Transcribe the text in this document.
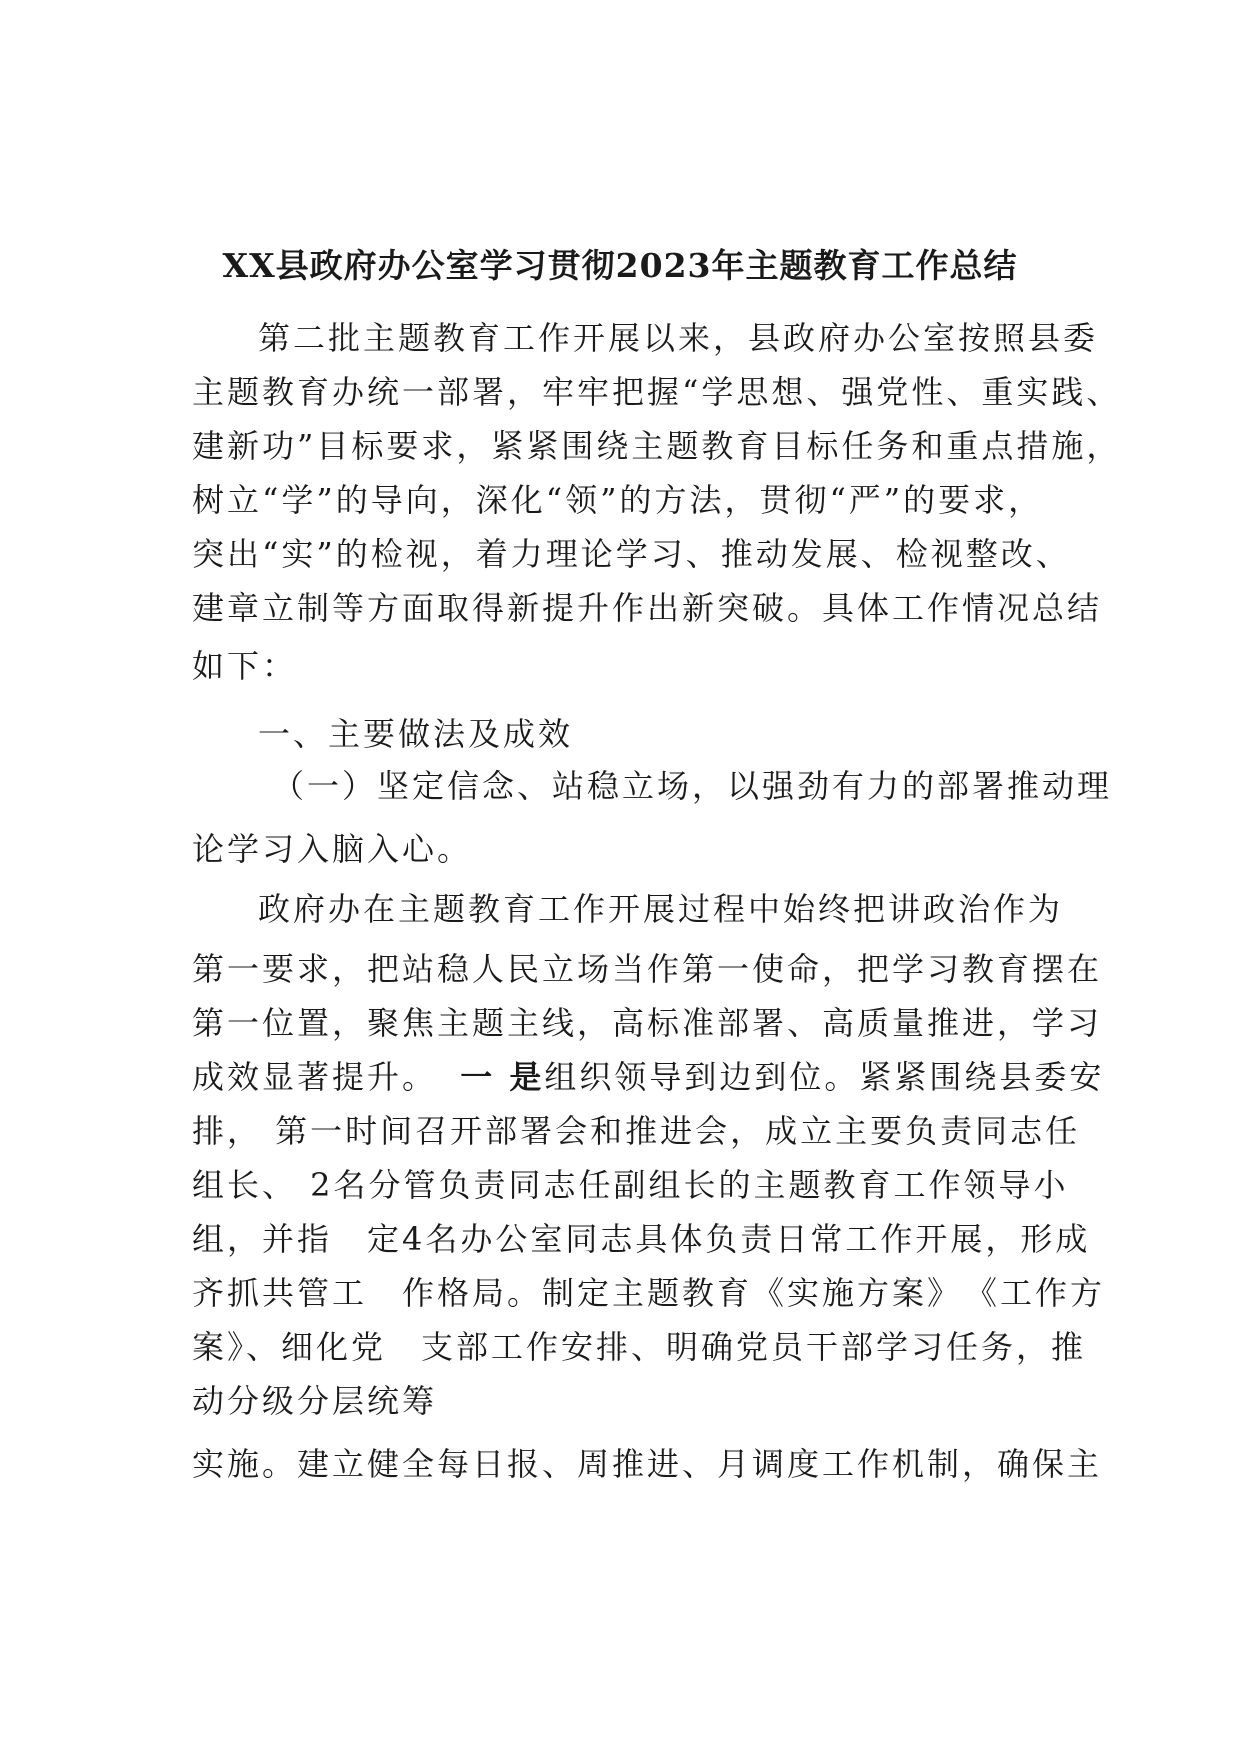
XX县政府办公室学习贯彻2023年主题教育工作总结
第二批主题教育工作开展以来，县政府办公室按照县委
主题教育办统一部署，牢牢把握“学思想、强党性、重实践、
建新功”目标要求，紧紧围绕主题教育目标任务和重点措施，
树立“学”的导向，深化“领”的方法，贯彻“严”的要求，
突出“实”的检视，着力理论学习、推动发展、检视整改、
建章立制等方面取得新提升作出新突破。具体工作情况总结
如下：
一、主要做法及成效
（一）坚定信念、站稳立场，以强劲有力的部署推动理
论学习入脑入心。
政府办在主题教育工作开展过程中始终把讲政治作为
第一要求，把站稳人民立场当作第一使命，把学习教育摆在
第一位置，聚焦主题主线，高标准部署、高质量推进，学习
成效显著提升。 一 是组织领导到边到位。紧紧围绕县委安
排， 第一时间召开部署会和推进会，成立主要负责同志任
组长、 2名分管负责同志任副组长的主题教育工作领导小
组，并指　定4名办公室同志具体负责日常工作开展，形成
齐抓共管工　作格局。制定主题教育《实施方案》　《工作方
案》、细化党　支部工作安排、明确党员干部学习任务，推
动分级分层统筹
实施。建立健全每日报、周推进、月调度工作机制，确保主
